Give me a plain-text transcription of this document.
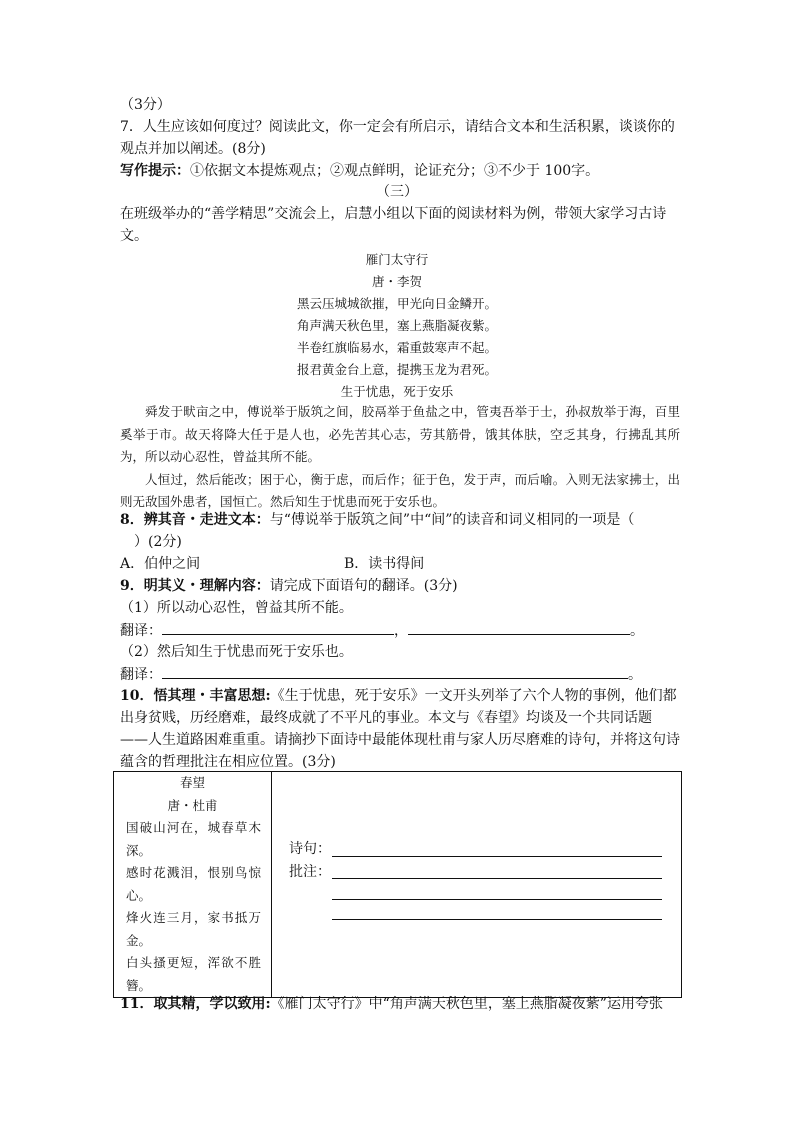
（3分）
7．人生应该如何度过？阅读此文，你一定会有所启示，请结合文本和生活积累，谈谈你的
观点并加以阐述。(8分)
写作提示：①依据文本提炼观点；②观点鲜明，论证充分；③不少于 100字。
（三）
在班级举办的“善学精思”交流会上，启慧小组以下面的阅读材料为例，带领大家学习古诗
文。
雁门太守行
唐・李贺
黑云压城城欲摧，甲光向日金鳞开。
角声满天秋色里，塞上燕脂凝夜紫。
半卷红旗临易水，霜重鼓寒声不起。
报君黄金台上意，提携玉龙为君死。
生于忧患，死于安乐

舜发于畎亩之中，傅说举于版筑之间，胶鬲举于鱼盐之中，管夷吾举于士，孙叔敖举于海，百里奚举于市。故天将降大任于是人也，必先苦其心志，劳其筋骨，饿其体肤，空乏其身，行拂乱其所为，所以动心忍性，曾益其所不能。

人恒过，然后能改；困于心，衡于虑，而后作；征于色，发于声，而后喻。入则无法家拂士，出则无敌国外患者，国恒亡。然后知生于忧患而死于安乐也。

8．辨其音・走进文本：与“傅说举于版筑之间”中“间”的读音和词义相同的一项是（
）(2分)
A．伯仲之间	B．读书得间
9．明其义・理解内容：请完成下面语句的翻译。(3分)
（1）所以动心忍性，曾益其所不能。
翻译：	，	。
（2）然后知生于忧患而死于安乐也。
翻译：	。
10．悟其理・丰富思想:《生于忧患，死于安乐》一文开头列举了六个人物的事例，他们都
出身贫贱，历经磨难，最终成就了不平凡的事业。本文与《春望》均谈及一个共同话题
——人生道路困难重重。请摘抄下面诗中最能体现杜甫与家人历尽磨难的诗句，并将这句诗
蕴含的哲理批注在相应位置。(3分)
春望
唐・杜甫
国破山河在，城春草木深。
感时花溅泪，恨别鸟惊心。
烽火连三月，家书抵万金。
白头搔更短，浑欲不胜簪。

诗句：
批注：
11．取其精，学以致用:《雁门太守行》中“角声满天秋色里，塞上燕脂凝夜紫”运用夸张
